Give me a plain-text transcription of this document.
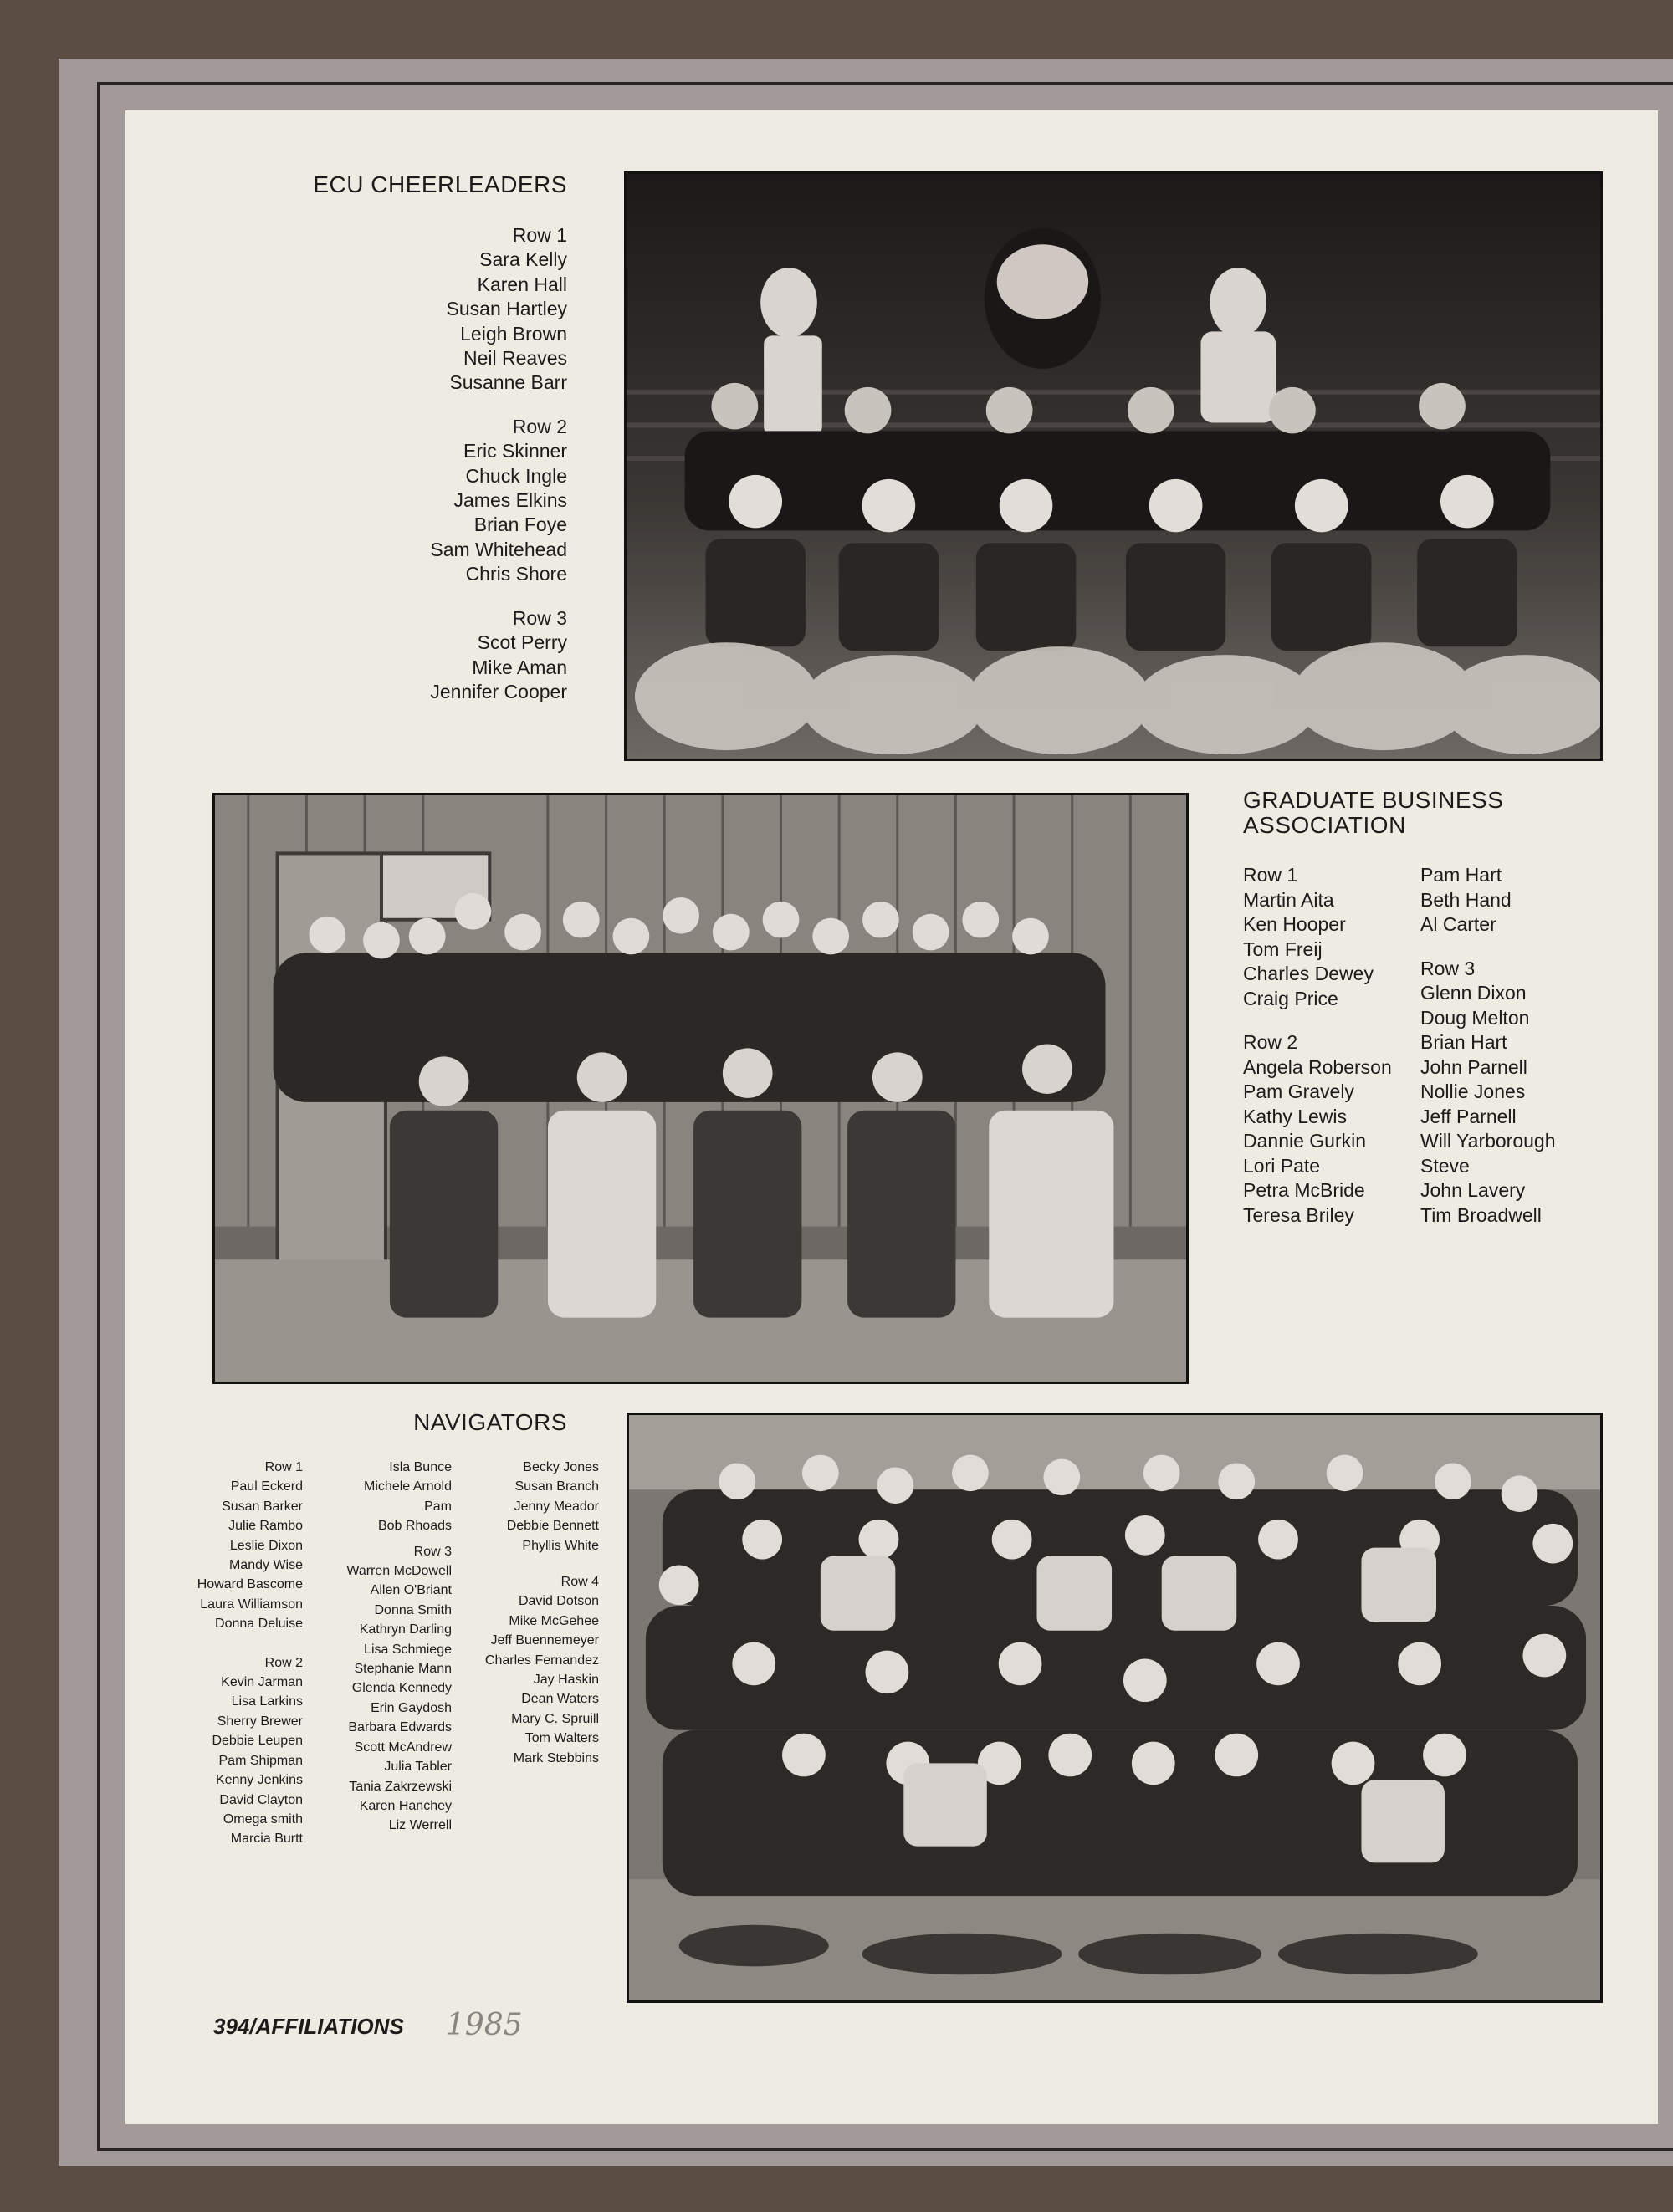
ECU CHEERLEADERS
Row 1
Sara Kelly
Karen Hall
Susan Hartley
Leigh Brown
Neil Reaves
Susanne Barr
Row 2
Eric Skinner
Chuck Ingle
James Elkins
Brian Foye
Sam Whitehead
Chris Shore
Row 3
Scot Perry
Mike Aman
Jennifer Cooper
GRADUATE BUSINESS ASSOCIATION
Row 1
Martin Aita
Ken Hooper
Tom Freij
Charles Dewey
Craig Price
Row 2
Angela Roberson
Pam Gravely
Kathy Lewis
Dannie Gurkin
Lori Pate
Petra McBride
Teresa Briley
Pam Hart
Beth Hand
Al Carter
Row 3
Glenn Dixon
Doug Melton
Brian Hart
John Parnell
Nollie Jones
Jeff Parnell
Will Yarborough
Steve
John Lavery
Tim Broadwell
NAVIGATORS
Row 1
Paul Eckerd
Susan Barker
Julie Rambo
Leslie Dixon
Mandy Wise
Howard Bascome
Laura Williamson
Donna Deluise
Row 2
Kevin Jarman
Lisa Larkins
Sherry Brewer
Debbie Leupen
Pam Shipman
Kenny Jenkins
David Clayton
Omega smith
Marcia Burtt
Isla Bunce
Michele Arnold
Pam
Bob Rhoads
Row 3
Warren McDowell
Allen O'Briant
Donna Smith
Kathryn Darling
Lisa Schmiege
Stephanie Mann
Glenda Kennedy
Erin Gaydosh
Barbara Edwards
Scott McAndrew
Julia Tabler
Tania Zakrzewski
Karen Hanchey
Liz Werrell
Becky Jones
Susan Branch
Jenny Meador
Debbie Bennett
Phyllis White
Row 4
David Dotson
Mike McGehee
Jeff Buennemeyer
Charles Fernandez
Jay Haskin
Dean Waters
Mary C. Spruill
Tom Walters
Mark Stebbins
394/AFFILIATIONS 1985
